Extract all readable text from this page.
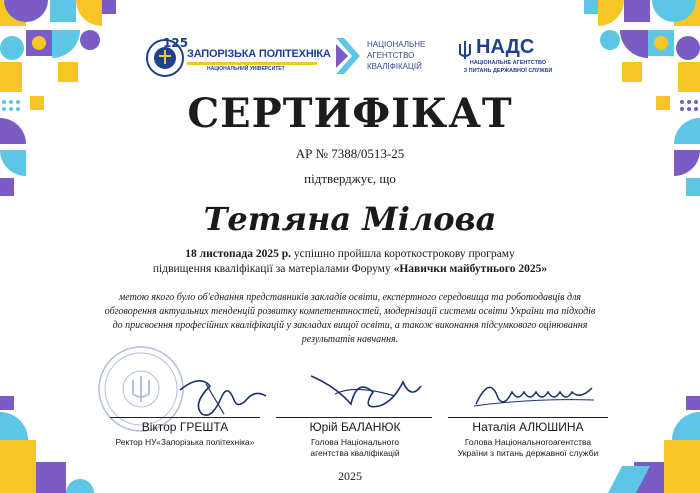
125
ЗАПОРІЗЬКА ПОЛІТЕХНІКА
НАЦІОНАЛЬНИЙ УНІВЕРСИТЕТ
НАЦІОНАЛЬНЕ
АГЕНТСТВО
КВАЛІФІКАЦІЙ
НАДС
НАЦІОНАЛЬНЕ АГЕНТСТВО
З ПИТАНЬ ДЕРЖАВНОЇ СЛУЖБИ
СЕРТИФІКАТ
АР № 7388/0513-25
підтверджує, що
Тетяна Мілова
18 листопада 2025 р. успішно пройшла короткострокову програму
підвищення кваліфікації за матеріалами Форуму «Навички майбутнього 2025»
метою якого було об'єднання представників закладів освіти, експертного середовища та роботодавців для
обговорення актуальних тенденцій розвитку компетентностей, модернізації системи освіти України та підходів
до присвоєння професійних кваліфікацій у закладах вищої освіти, а також виконання підсумкового оцінювання
результатів навчання.
Віктор ГРЕШТА
Ректор НУ«Запорізька політехніка»
Юрій БАЛАНЮК
Голова Національного
агентства кваліфікацій
Наталія АЛЮШИНА
Голова Національногоагентства
України з питань державної служби
2025
